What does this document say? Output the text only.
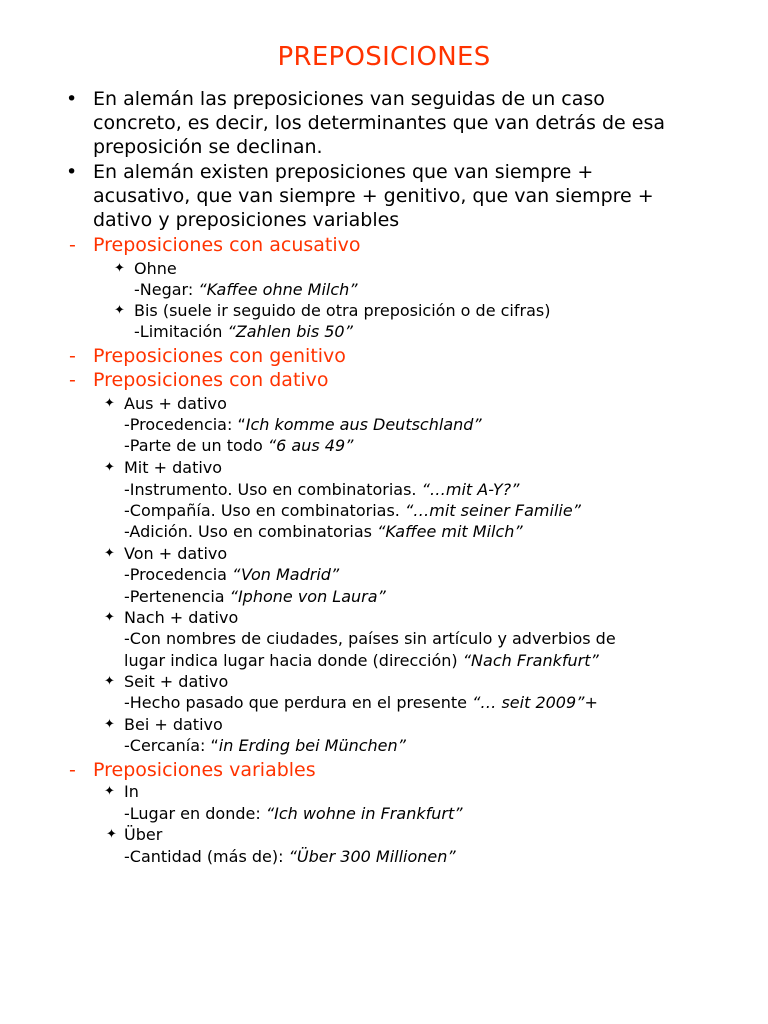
PREPOSICIONES
• En alemán las preposiciones van seguidas de un caso
concreto, es decir, los determinantes que van detrás de esa
preposición se declinan.
• En alemán existen preposiciones que van siempre +
acusativo, que van siempre + genitivo, que van siempre +
dativo y preposiciones variables
- Preposiciones con acusativo
✦ Ohne
-Negar: “Kaffee ohne Milch”
✦ Bis (suele ir seguido de otra preposición o de cifras)
-Limitación “Zahlen bis 50”
- Preposiciones con genitivo
- Preposiciones con dativo
✦ Aus + dativo
-Procedencia: “Ich komme aus Deutschland”
-Parte de un todo “6 aus 49”
✦ Mit + dativo
-Instrumento. Uso en combinatorias. “…mit A-Y?”
-Compañía. Uso en combinatorias. “…mit seiner Familie”
-Adición. Uso en combinatorias “Kaffee mit Milch”
✦ Von + dativo
-Procedencia “Von Madrid”
-Pertenencia “Iphone von Laura”
✦ Nach + dativo
-Con nombres de ciudades, países sin artículo y adverbios de
lugar indica lugar hacia donde (dirección) “Nach Frankfurt”
✦ Seit + dativo
-Hecho pasado que perdura en el presente “… seit 2009”+
✦ Bei + dativo
-Cercanía: “in Erding bei München”
- Preposiciones variables
✦ In
-Lugar en donde: “Ich wohne in Frankfurt”
✦ Über
-Cantidad (más de): “Über 300 Millionen”
